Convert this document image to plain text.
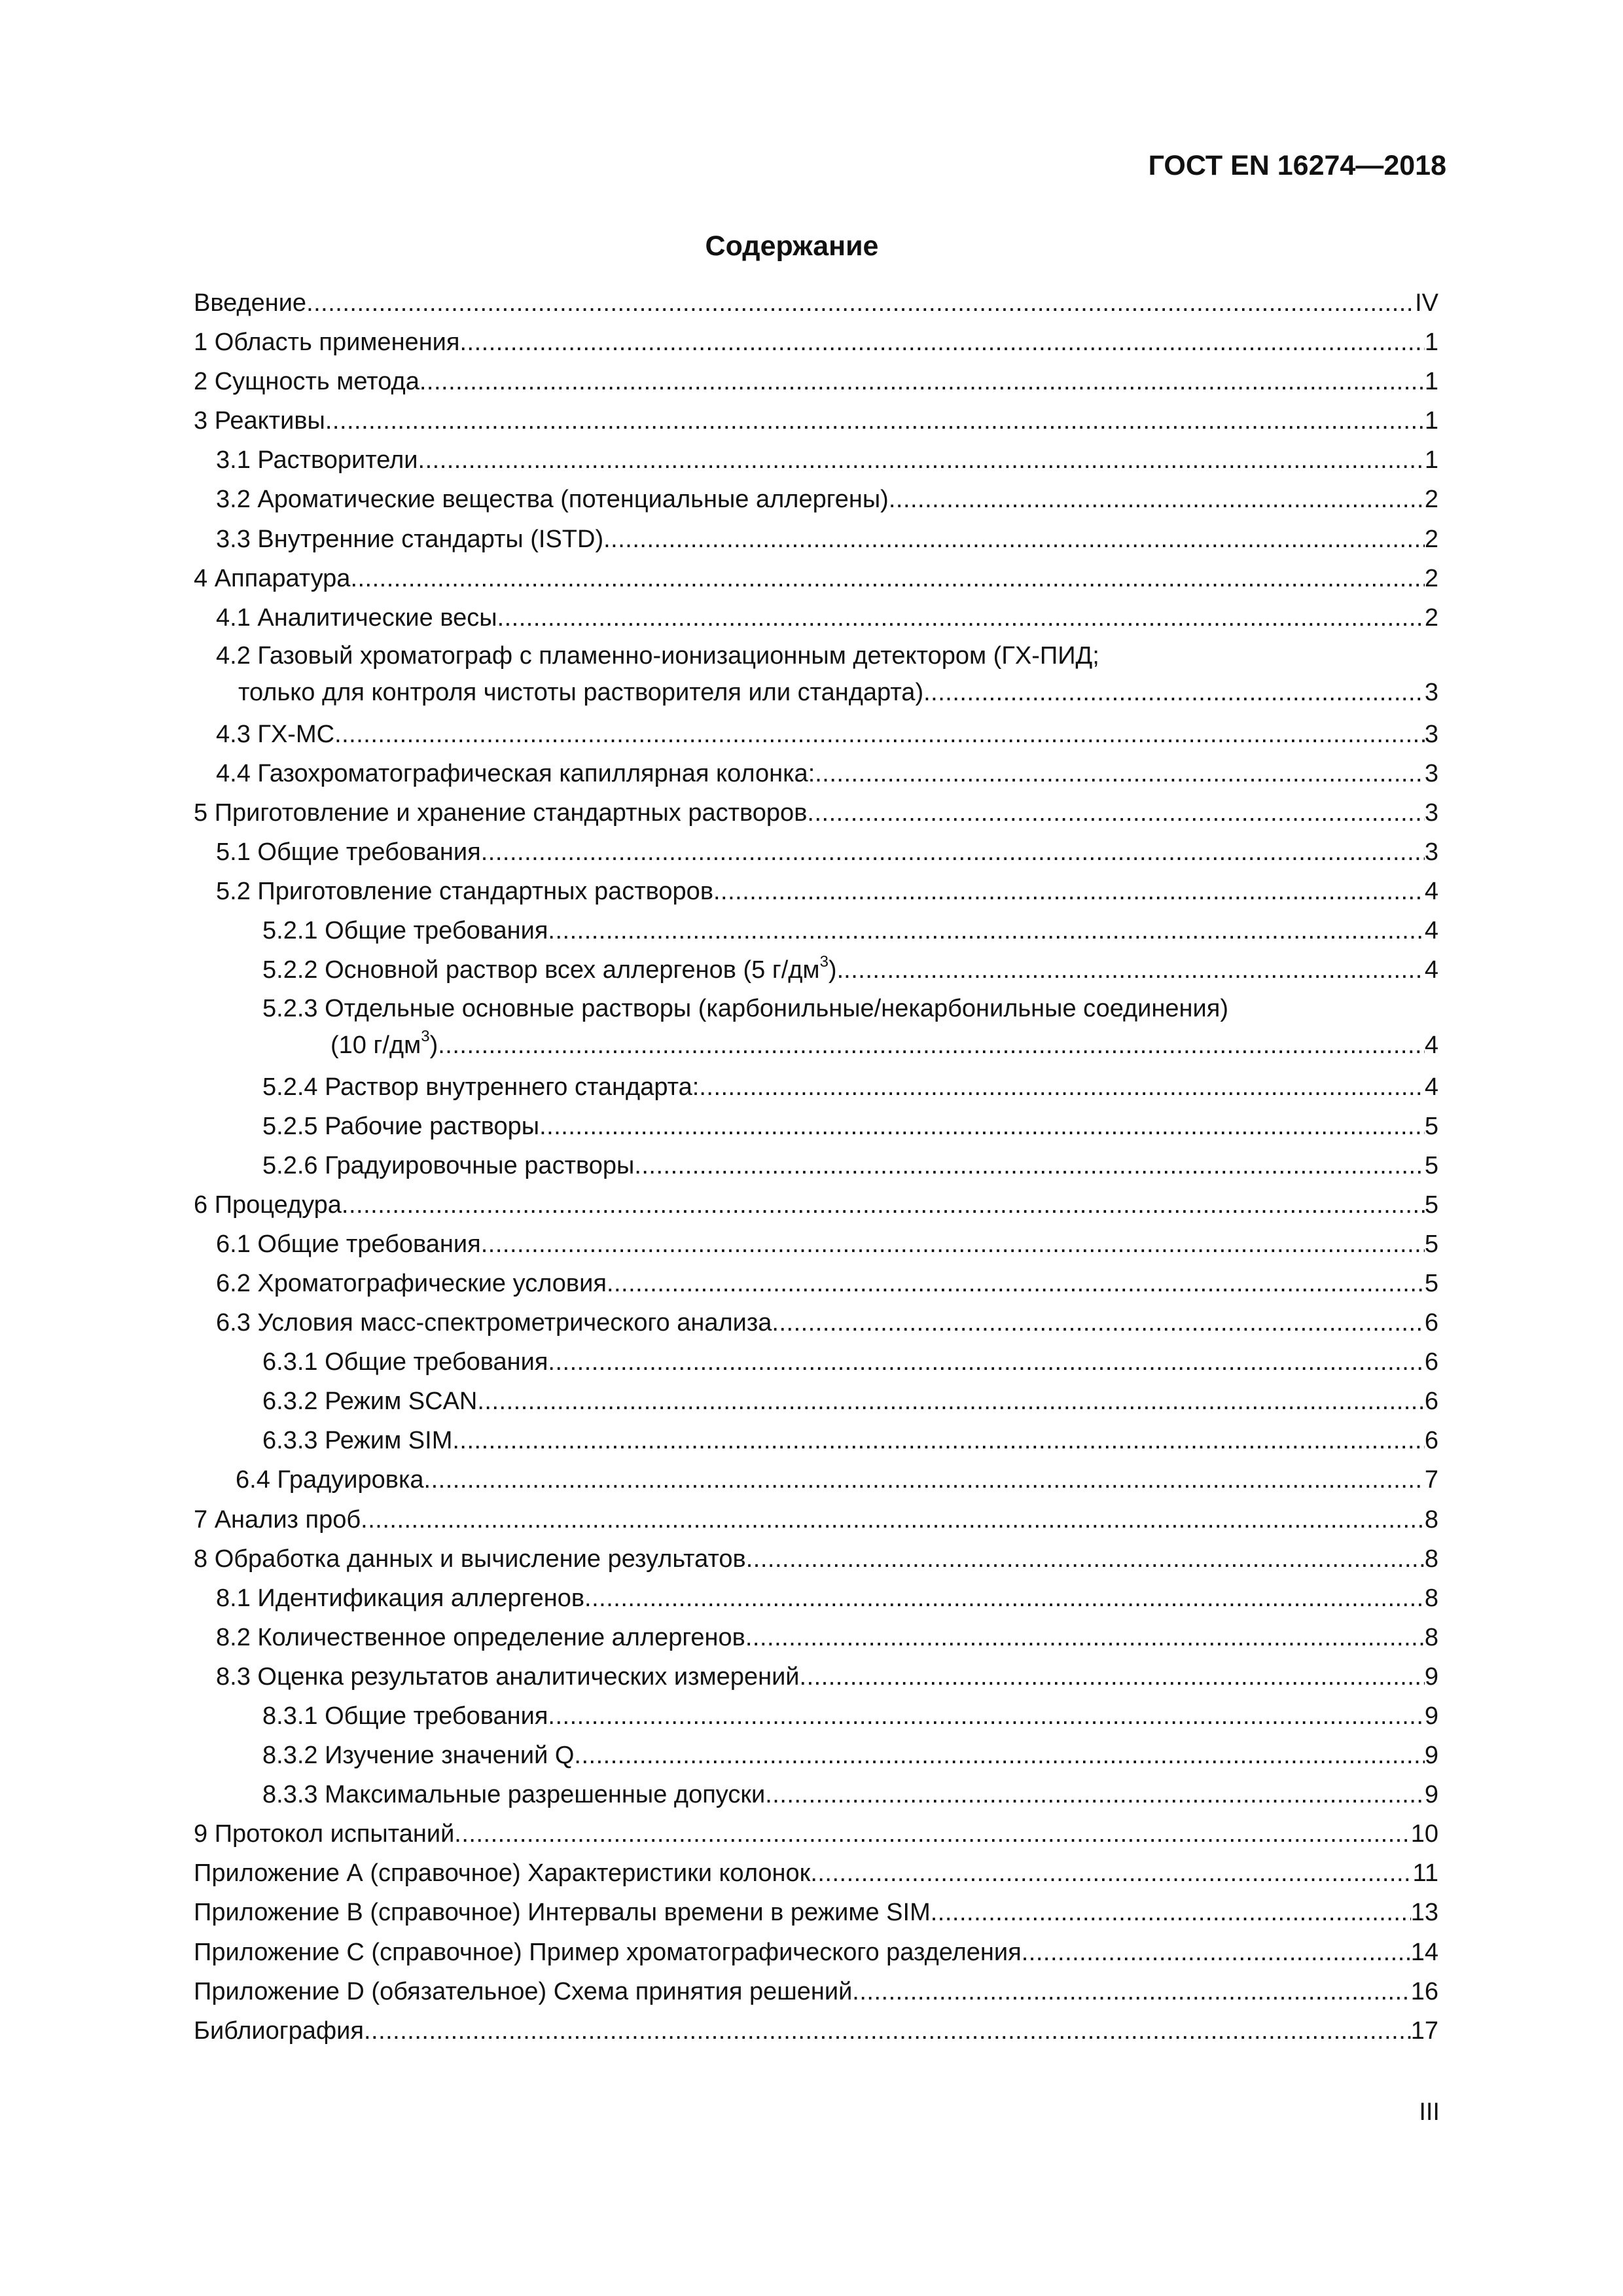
ГОСТ EN 16274—2018
Содержание
Введение .....	IV
1 Область применения .....	1
2 Сущность метода .....	1
3 Реактивы .....	1
3.1 Растворители .....	1
3.2 Ароматические вещества (потенциальные аллергены) .....	2
3.3 Внутренние стандарты (ISTD) .....	2
4 Аппаратура .....	2
4.1 Аналитические весы .....	2
4.2 Газовый хроматограф с пламенно-ионизационным детектором (ГХ-ПИД;
только для контроля чистоты растворителя или стандарта) .....	3
4.3 ГХ-МС .....	3
4.4 Газохроматографическая капиллярная колонка: .....	3
5 Приготовление и хранение стандартных растворов .....	3
5.1 Общие требования .....	3
5.2 Приготовление стандартных растворов .....	4
5.2.1 Общие требования .....	4
5.2.2 Основной раствор всех аллергенов (5 $г/дм^3$). .....	4
5.2.3 Отдельные основные растворы (карбонильные/некарбонильные соединения)
(10 $г/дм^3$) .....	4
5.2.4 Раствор внутреннего стандарта: .....	4
5.2.5 Рабочие растворы .....	5
5.2.6 Градуировочные растворы .....	5
6 Процедура .....	5
6.1 Общие требования .....	5
6.2 Хроматографические условия .....	5
6.3 Условия масс-спектрометрического анализа .....	6
6.3.1 Общие требования .....	6
6.3.2 Режим SCAN .....	6
6.3.3 Режим SIM .....	6
6.4 Градуировка .....	7
7 Анализ проб .....	8
8 Обработка данных и вычисление результатов .....	8
8.1 Идентификация аллергенов .....	8
8.2 Количественное определение аллергенов .....	8
8.3 Оценка результатов аналитических измерений .....	9
8.3.1 Общие требования .....	9
8.3.2 Изучение значений Q .....	9
8.3.3 Максимальные разрешенные допуски .....	9
9 Протокол испытаний .....	10
Приложение А (справочное) Характеристики колонок .....	11
Приложение В (справочное) Интервалы времени в режиме SIM .....	13
Приложение С (справочное) Пример хроматографического разделения .....	14
Приложение D (обязательное) Схема принятия решений .....	16
Библиография .....	17
III
